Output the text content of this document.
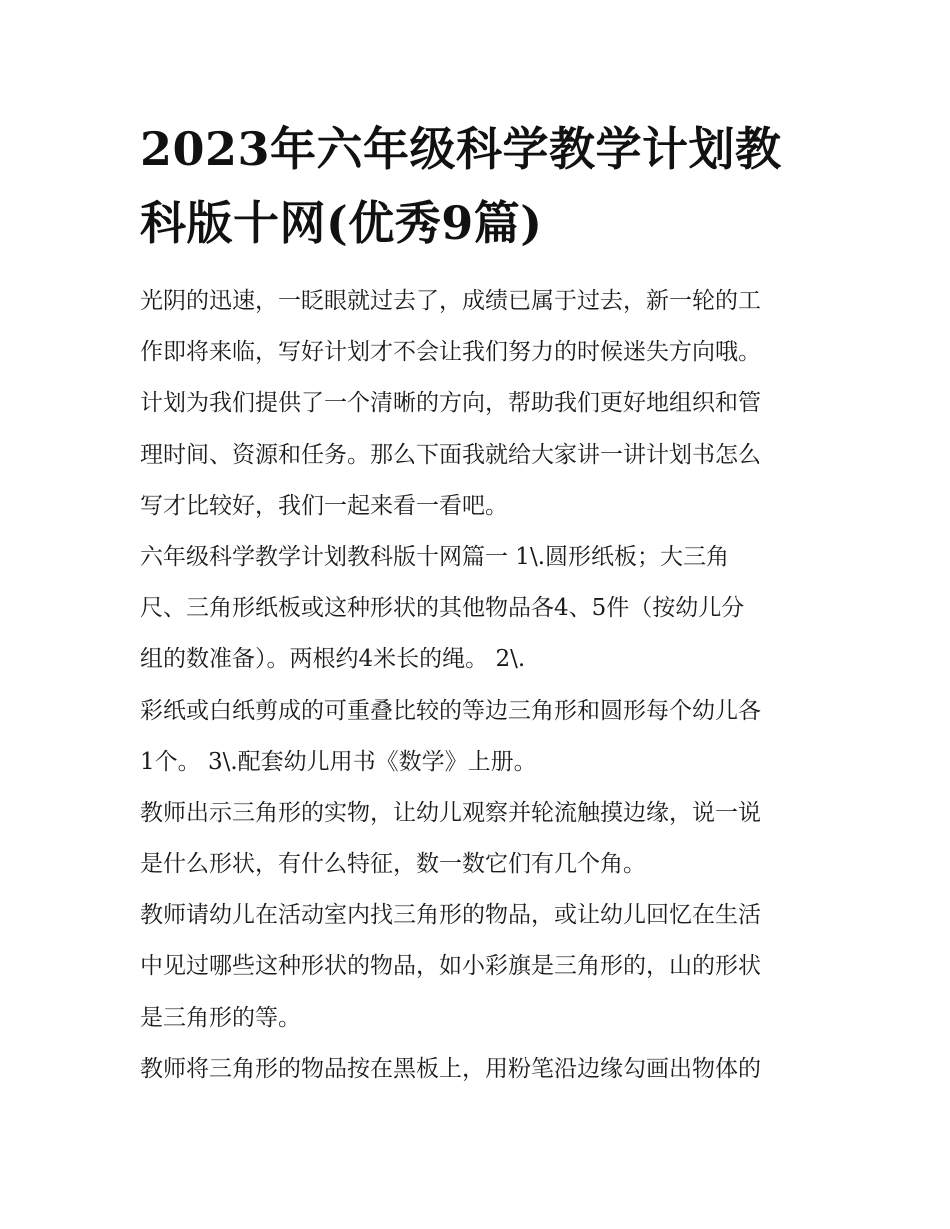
2023年六年级科学教学计划教
科版十网(优秀9篇)
光阴的迅速，一眨眼就过去了，成绩已属于过去，新一轮的工
作即将来临，写好计划才不会让我们努力的时候迷失方向哦。
计划为我们提供了一个清晰的方向，帮助我们更好地组织和管
理时间、资源和任务。那么下面我就给大家讲一讲计划书怎么
写才比较好，我们一起来看一看吧。
六年级科学教学计划教科版十网篇一 1\.圆形纸板；大三角
尺、三角形纸板或这种形状的其他物品各4、5件（按幼儿分
组的数准备）。两根约4米长的绳。 2\.
彩纸或白纸剪成的可重叠比较的等边三角形和圆形每个幼儿各
1个。 3\.配套幼儿用书《数学》上册。
教师出示三角形的实物，让幼儿观察并轮流触摸边缘，说一说
是什么形状，有什么特征，数一数它们有几个角。
教师请幼儿在活动室内找三角形的物品，或让幼儿回忆在生活
中见过哪些这种形状的物品，如小彩旗是三角形的，山的形状
是三角形的等。
教师将三角形的物品按在黑板上，用粉笔沿边缘勾画出物体的
